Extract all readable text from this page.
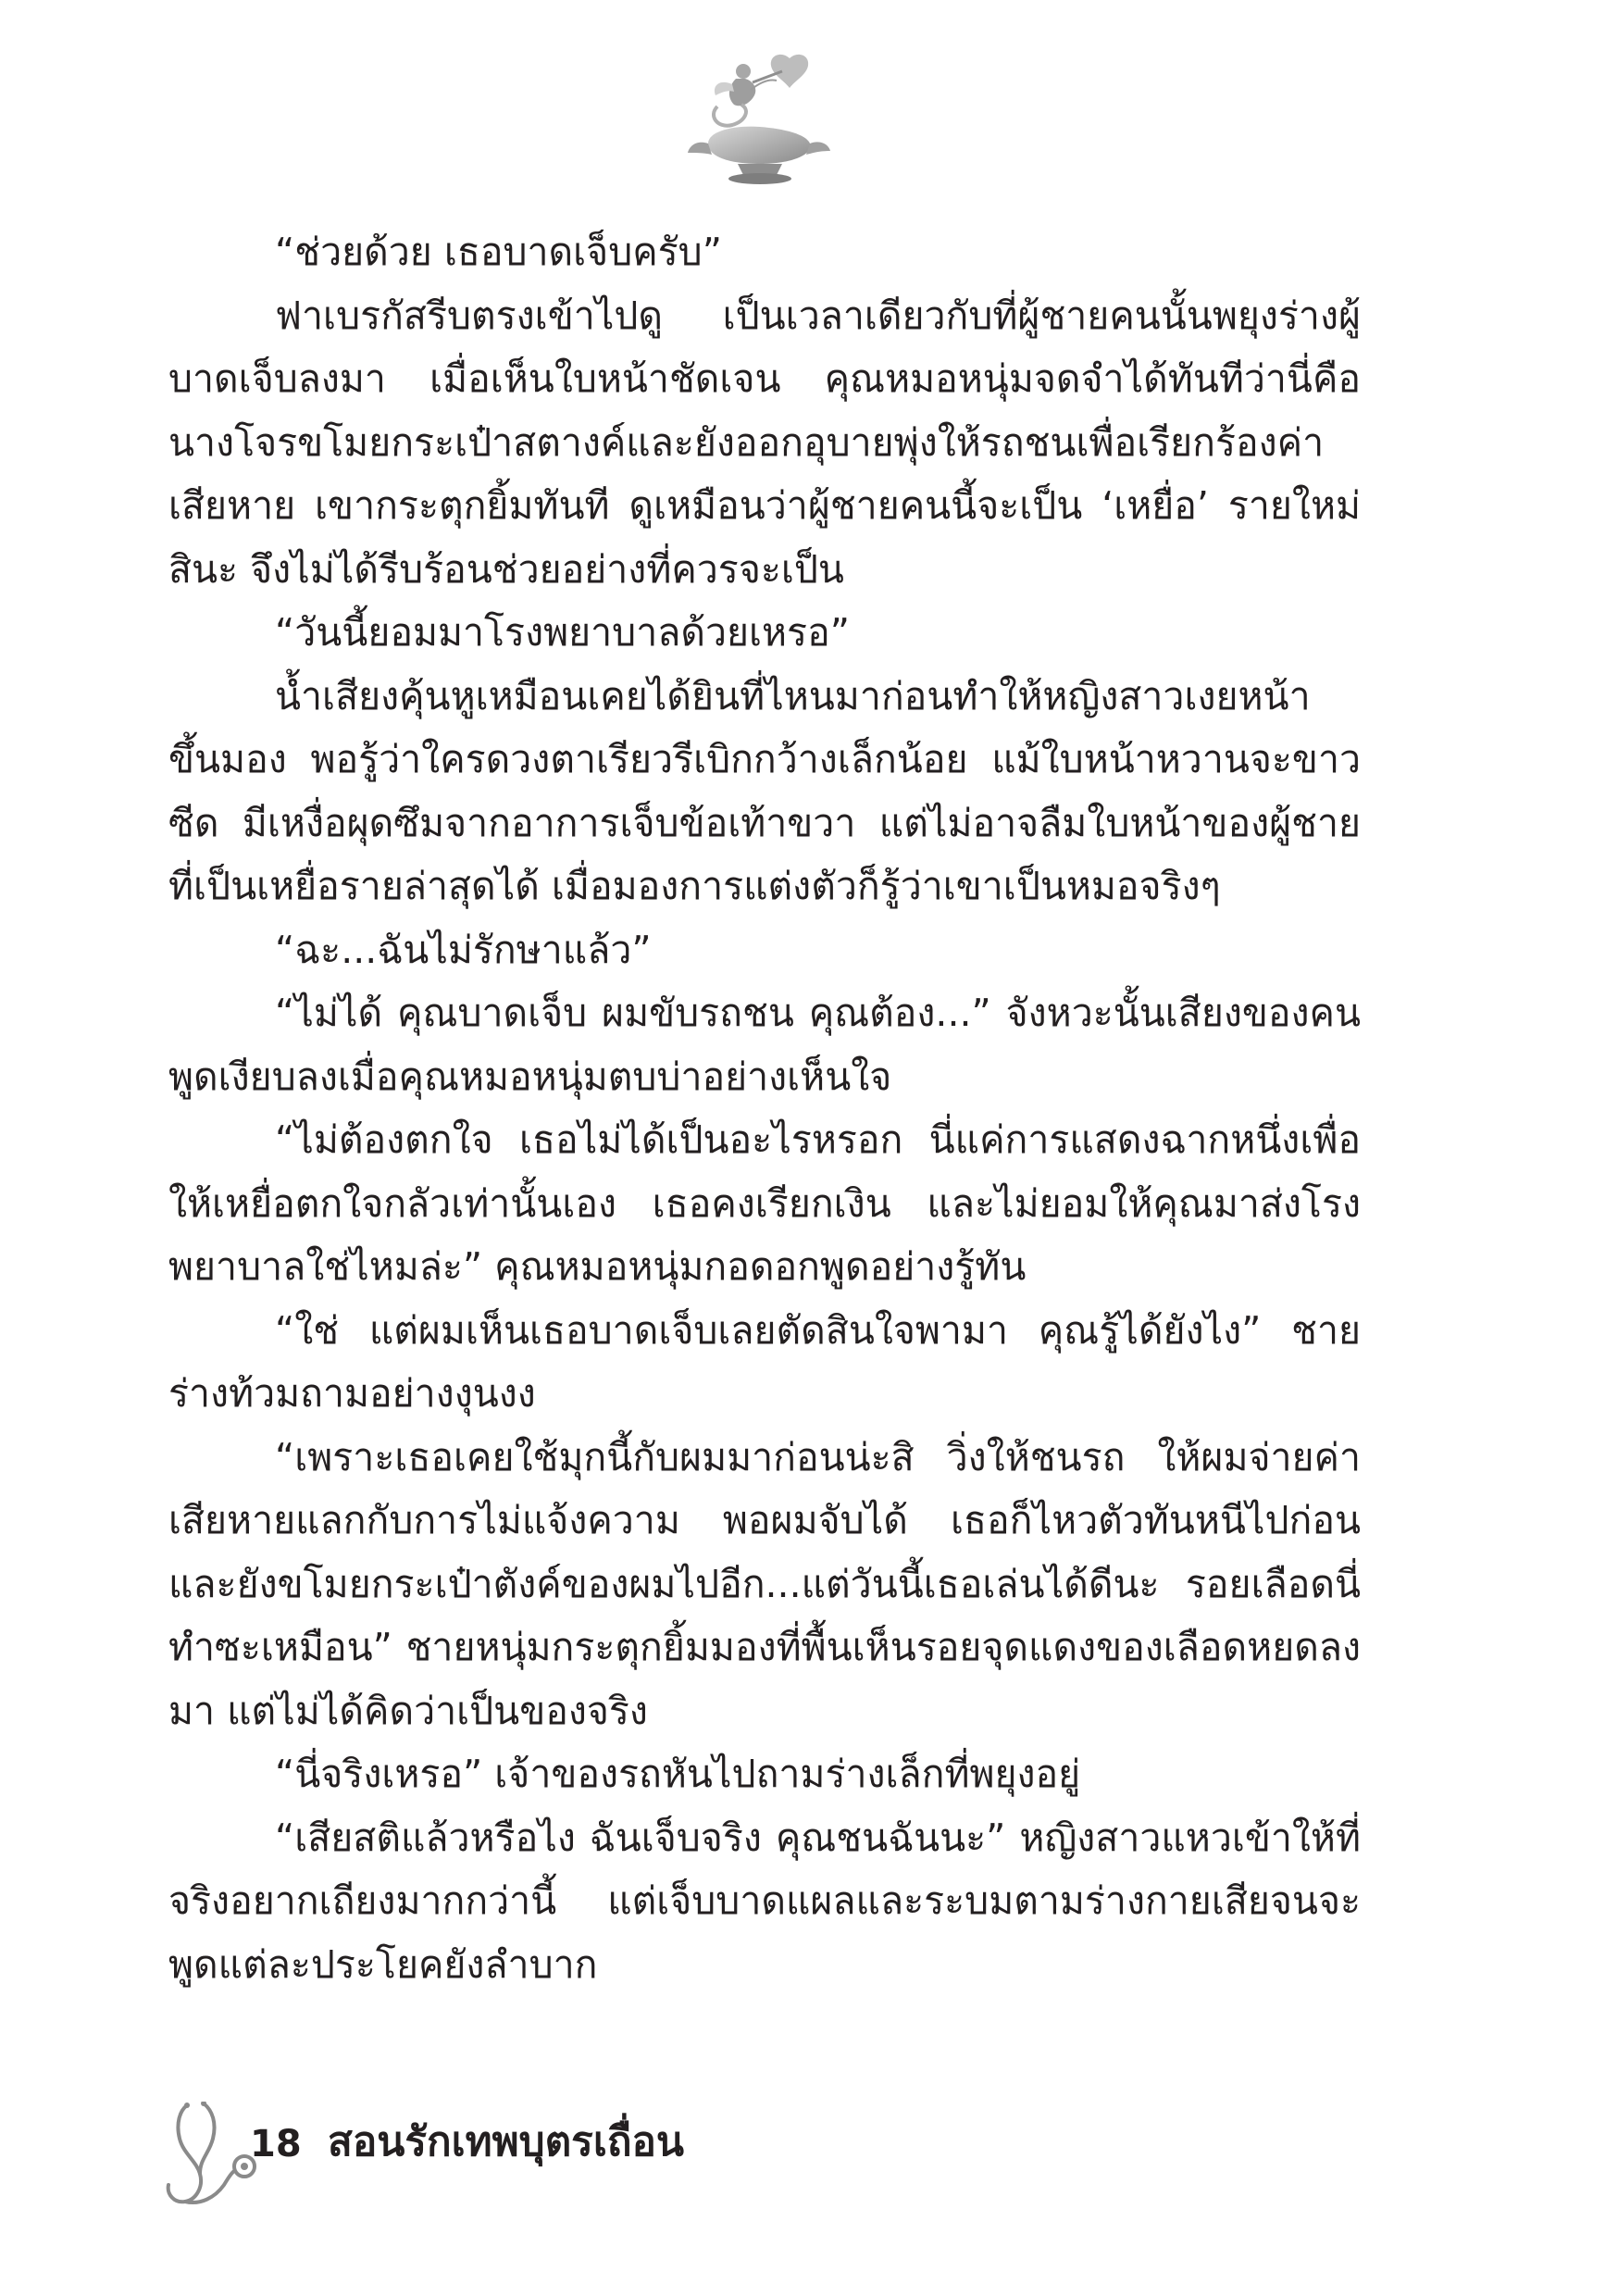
“ช่วยด้วย เธอบาดเจ็บครับ”

ฟาเบรกัสรีบตรงเข้าไปดู เป็นเวลาเดียวกับที่ผู้ชายคนนั้นพยุงร่างผู้บาดเจ็บลงมา เมื่อเห็นใบหน้าชัดเจน คุณหมอหนุ่มจดจำได้ทันทีว่านี่คือนางโจรขโมยกระเป๋าสตางค์และยังออกอุบายพุ่งให้รถชนเพื่อเรียกร้องค่าเสียหาย เขากระตุกยิ้มทันที ดูเหมือนว่าผู้ชายคนนี้จะเป็น ‘เหยื่อ’ รายใหม่สินะ จึงไม่ได้รีบร้อนช่วยอย่างที่ควรจะเป็น

“วันนี้ยอมมาโรงพยาบาลด้วยเหรอ”

น้ำเสียงคุ้นหูเหมือนเคยได้ยินที่ไหนมาก่อนทำให้หญิงสาวเงยหน้าขึ้นมอง พอรู้ว่าใครดวงตาเรียวรีเบิกกว้างเล็กน้อย แม้ใบหน้าหวานจะขาวซีด มีเหงื่อผุดซึมจากอาการเจ็บข้อเท้าขวา แต่ไม่อาจลืมใบหน้าของผู้ชายที่เป็นเหยื่อรายล่าสุดได้ เมื่อมองการแต่งตัวก็รู้ว่าเขาเป็นหมอจริงๆ

“ฉะ...ฉันไม่รักษาแล้ว”

“ไม่ได้ คุณบาดเจ็บ ผมขับรถชน คุณต้อง...” จังหวะนั้นเสียงของคนพูดเงียบลงเมื่อคุณหมอหนุ่มตบบ่าอย่างเห็นใจ

“ไม่ต้องตกใจ เธอไม่ได้เป็นอะไรหรอก นี่แค่การแสดงฉากหนึ่งเพื่อให้เหยื่อตกใจกลัวเท่านั้นเอง เธอคงเรียกเงิน และไม่ยอมให้คุณมาส่งโรงพยาบาลใช่ไหมล่ะ” คุณหมอหนุ่มกอดอกพูดอย่างรู้ทัน

“ใช่ แต่ผมเห็นเธอบาดเจ็บเลยตัดสินใจพามา คุณรู้ได้ยังไง” ชายร่างท้วมถามอย่างงุนงง

“เพราะเธอเคยใช้มุกนี้กับผมมาก่อนน่ะสิ วิ่งให้ชนรถ ให้ผมจ่ายค่าเสียหายแลกกับการไม่แจ้งความ พอผมจับได้ เธอก็ไหวตัวทันหนีไปก่อน และยังขโมยกระเป๋าตังค์ของผมไปอีก...แต่วันนี้เธอเล่นได้ดีนะ รอยเลือดนี่ทำซะเหมือน” ชายหนุ่มกระตุกยิ้มมองที่พื้นเห็นรอยจุดแดงของเลือดหยดลงมา แต่ไม่ได้คิดว่าเป็นของจริง

“นี่จริงเหรอ” เจ้าของรถหันไปถามร่างเล็กที่พยุงอยู่

“เสียสติแล้วหรือไง ฉันเจ็บจริง คุณชนฉันนะ” หญิงสาวแหวเข้าให้ที่จริงอยากเถียงมากกว่านี้ แต่เจ็บบาดแผลและระบมตามร่างกายเสียจนจะพูดแต่ละประโยคยังลำบาก

18 สอนรักเทพบุตรเถื่อน
